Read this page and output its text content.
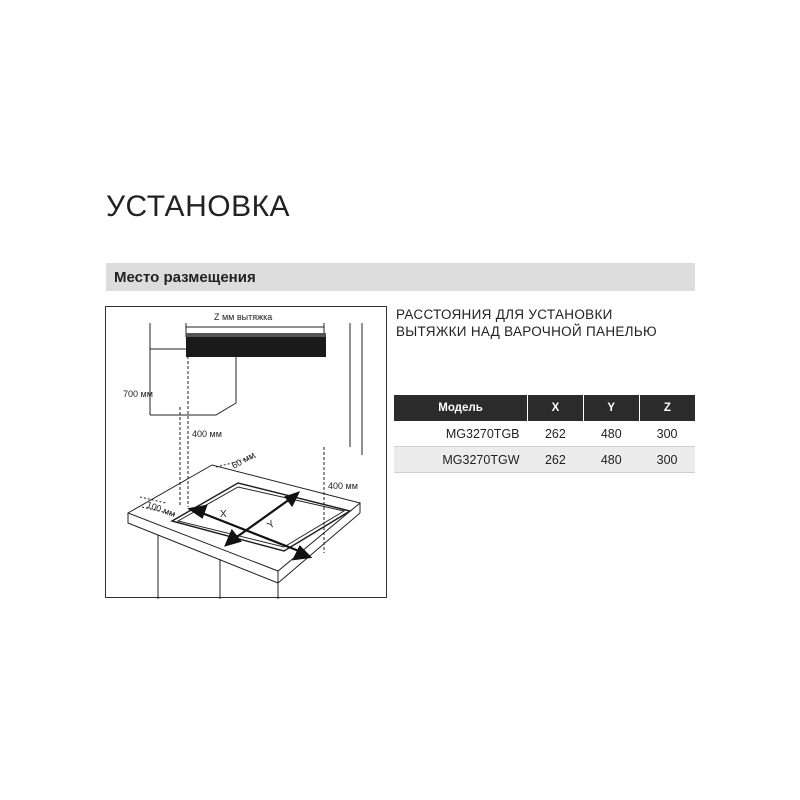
УСТАНОВКА
Место размещения
Z мм вытяжка
700 мм
400 мм
400 мм
60 мм
100 мм	X
Y
РАССТОЯНИЯ ДЛЯ УСТАНОВКИ
ВЫТЯЖКИ НАД ВАРОЧНОЙ ПАНЕЛЬЮ
Модель	X	Y	Z
MG3270TGB	262	480	300
MG3270TGW	262	480	300
